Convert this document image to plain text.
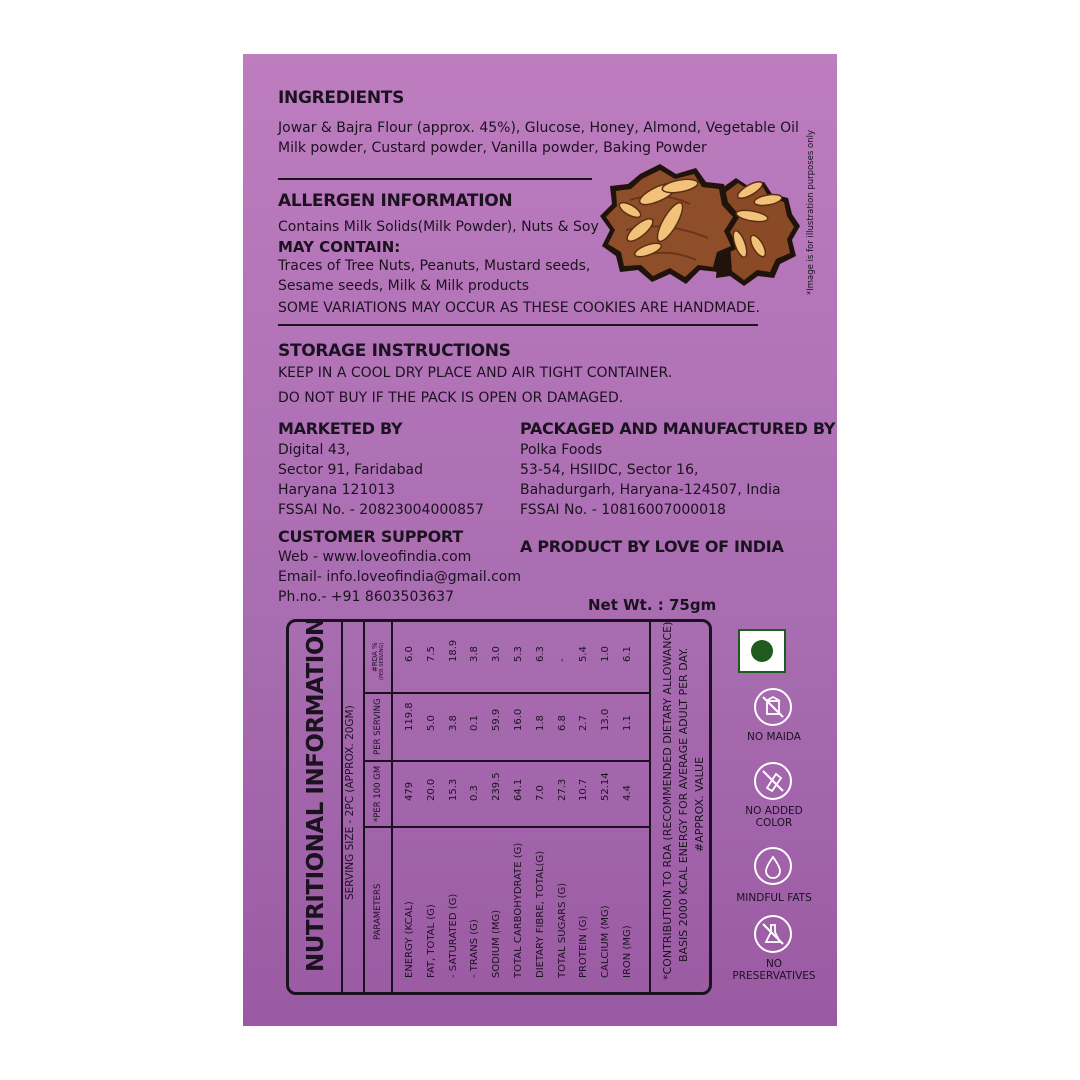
INGREDIENTS
Jowar & Bajra Flour (approx. 45%), Glucose, Honey, Almond, Vegetable Oil
Milk powder, Custard powder, Vanilla powder, Baking Powder
ALLERGEN INFORMATION
Contains Milk Solids(Milk Powder), Nuts & Soy
MAY CONTAIN:
Traces of Tree Nuts, Peanuts, Mustard seeds,
Sesame seeds, Milk & Milk products
SOME VARIATIONS MAY OCCUR AS THESE COOKIES ARE HANDMADE.
*Image is for illustration purposes only
STORAGE INSTRUCTIONS
KEEP IN A COOL DRY PLACE AND AIR TIGHT CONTAINER.
DO NOT BUY IF THE PACK IS OPEN OR DAMAGED.
MARKETED BY
Digital 43,
Sector 91, Faridabad
Haryana 121013
FSSAI No. - 20823004000857
PACKAGED AND MANUFACTURED BY
Polka Foods
53-54, HSIIDC, Sector 16,
Bahadurgarh, Haryana-124507, India
FSSAI No. - 10816007000018
CUSTOMER SUPPORT
Web - www.loveofindia.com
Email- info.loveofindia@gmail.com
Ph.no.- +91 8603503637
A PRODUCT BY LOVE OF INDIA
Net Wt. : 75gm
NUTRITIONAL INFORMATION SERVING SIZE - 2PC (APPROX. 20GM)
PARAMETERS
*PER 100 GM
PER SERVING
#RDA % (PER SERVING)
ENERGY (KCAL)
479
119.8
6.0
FAT, TOTAL (G)
20.0
5.0
7.5
- SATURATED (G)
15.3
3.8
18.9
- TRANS (G)
0.3
0.1
3.8
SODIUM (MG)
239.5
59.9
3.0
TOTAL CARBOHYDRATE (G)
64.1
16.0
5.3
DIETARY FIBRE, TOTAL(G)
7.0
1.8
6.3
TOTAL SUGARS (G)
27.3
6.8
-
PROTEIN (G)
10.7
2.7
5.4
CALCIUM (MG)
52.14
13.0
1.0
IRON (MG)
4.4
1.1
6.1	*CONTRIBUTION TO RDA (RECOMMENDED DIETARY ALLOWANCE) BASIS 2000 KCAL ENERGY FOR AVERAGE ADULT PER DAY. #APPROX. VALUE
NO MAIDA
NO ADDED
COLOR
MINDFUL FATS
NO
PRESERVATIVES
